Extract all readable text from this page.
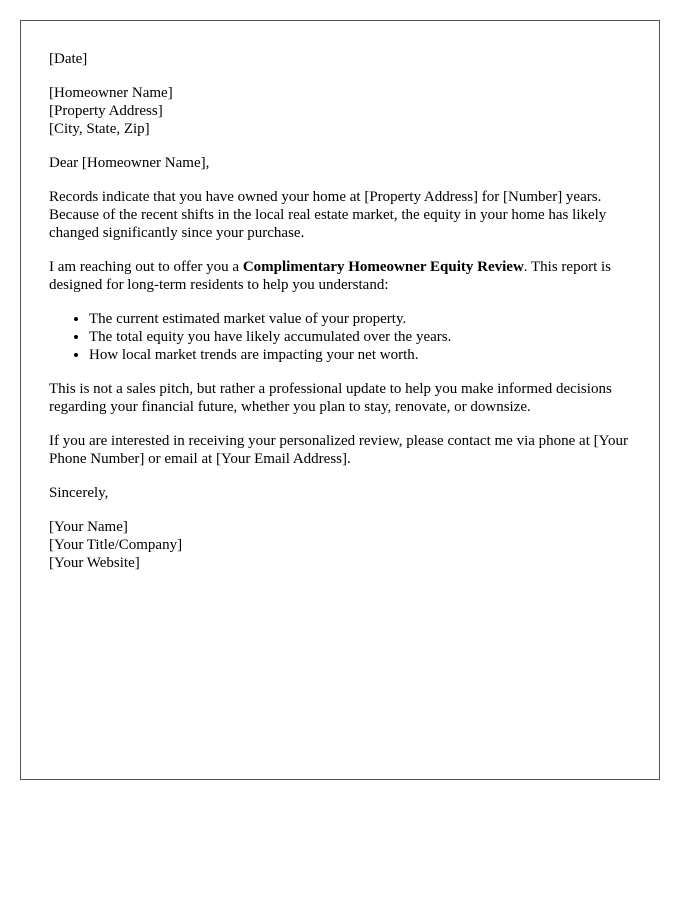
[Date]

[Homeowner Name]
[Property Address]
[City, State, Zip]

Dear [Homeowner Name],

Records indicate that you have owned your home at [Property Address] for [Number] years. Because of the recent shifts in the local real estate market, the equity in your home has likely changed significantly since your purchase.

I am reaching out to offer you a Complimentary Homeowner Equity Review. This report is designed for long-term residents to help you understand:

• The current estimated market value of your property.
• The total equity you have likely accumulated over the years.
• How local market trends are impacting your net worth.

This is not a sales pitch, but rather a professional update to help you make informed decisions regarding your financial future, whether you plan to stay, renovate, or downsize.

If you are interested in receiving your personalized review, please contact me via phone at [Your Phone Number] or email at [Your Email Address].

Sincerely,

[Your Name]
[Your Title/Company]
[Your Website]
